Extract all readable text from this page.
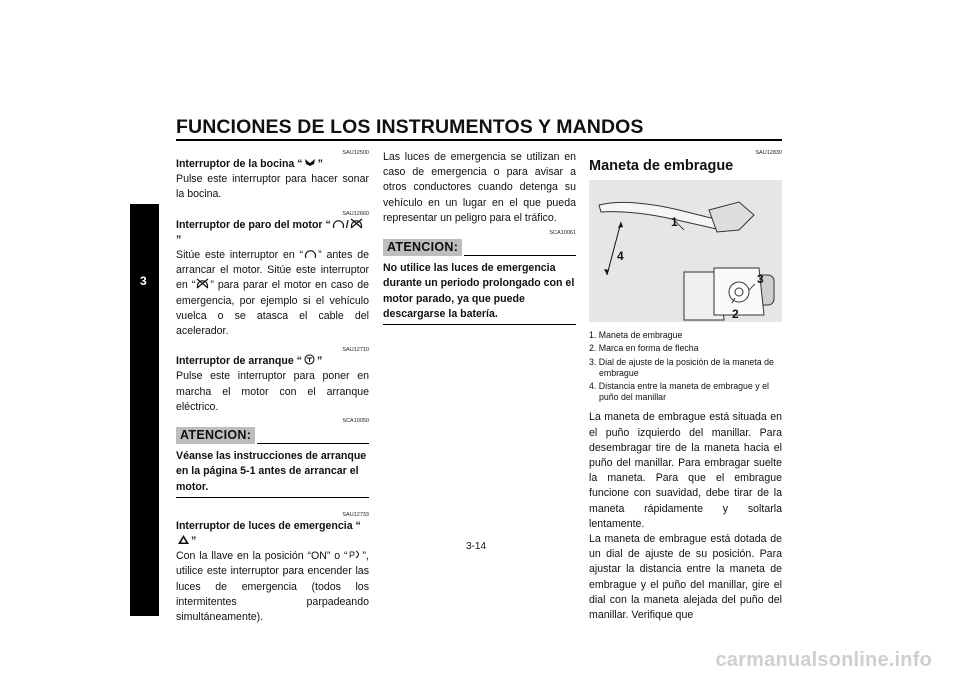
FUNCIONES DE LOS INSTRUMENTOS Y MANDOS
3
SAU12500
Interruptor de la bocina “ ”
Pulse este interruptor para hacer sonar la bocina.
SAU12660
Interruptor de paro del motor “ /”
Sitúe este interruptor en “ ” antes de arrancar el motor. Sitúe este interruptor en “ ” para parar el motor en caso de emergencia, por ejemplo si el vehículo vuelca o se atasca el cable del acelerador.
SAU12710
Interruptor de arranque “ ”
Pulse este interruptor para poner en marcha el motor con el arranque eléctrico.
SCA10050
ATENCION:
Véanse las instrucciones de arranque en la página 5-1 antes de arrancar el motor.
SAU12733
Interruptor de luces de emergencia “”
Con la llave en la posición “ON” o “ P ”, utilice este interruptor para encender las luces de emergencia (todos los intermitentes parpadeando simultáneamente).
Las luces de emergencia se utilizan en caso de emergencia o para avisar a otros conductores cuando detenga su vehículo en un lugar en el que pueda representar un peligro para el tráfico.
SCA10061
ATENCION:
No utilice las luces de emergencia durante un periodo prolongado con el motor parado, ya que puede descargarse la batería.
SAU12830
Maneta de embrague
1
4
3
2
1. Maneta de embrague
2. Marca en forma de flecha
3. Dial de ajuste de la posición de la maneta de embrague
4. Distancia entre la maneta de embrague y el puño del manillar
La maneta de embrague está situada en el puño izquierdo del manillar. Para desembragar tire de la maneta hacia el puño del manillar. Para embragar suelte la maneta. Para que el embrague funcione con suavidad, debe tirar de la maneta rápidamente y soltarla lentamente.
La maneta de embrague está dotada de un dial de ajuste de su posición. Para ajustar la distancia entre la maneta de embrague y el puño del manillar, gire el dial con la maneta alejada del puño del manillar. Verifique que
3-14
carmanualsonline.info
